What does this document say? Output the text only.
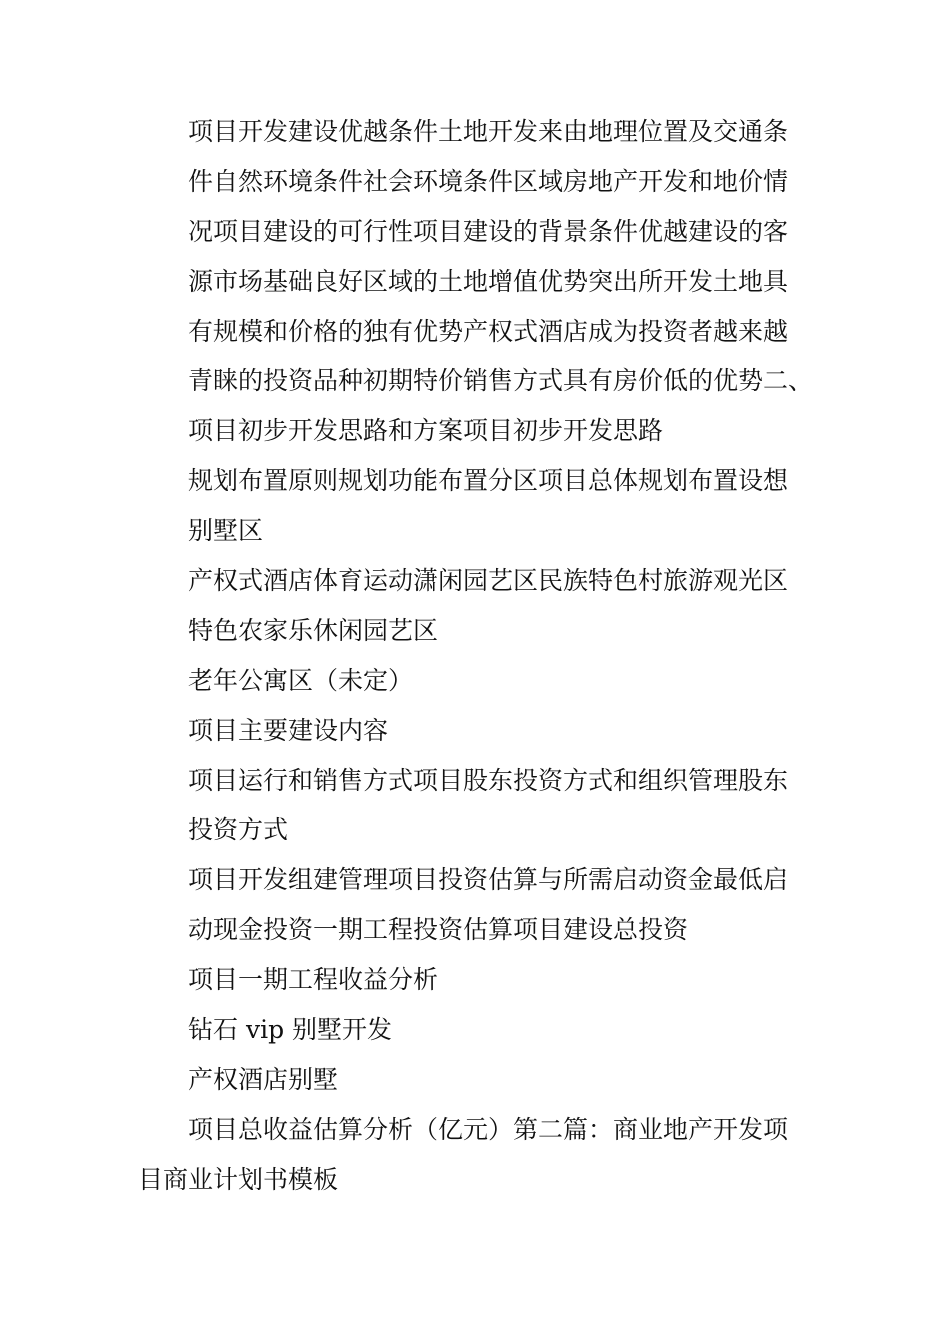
项目开发建设优越条件土地开发来由地理位置及交通条
件自然环境条件社会环境条件区域房地产开发和地价情
况项目建设的可行性项目建设的背景条件优越建设的客
源市场基础良好区域的土地增值优势突出所开发土地具
有规模和价格的独有优势产权式酒店成为投资者越来越
青睐的投资品种初期特价销售方式具有房价低的优势二、
项目初步开发思路和方案项目初步开发思路
规划布置原则规划功能布置分区项目总体规划布置设想
别墅区
产权式酒店体育运动潇闲园艺区民族特色村旅游观光区
特色农家乐休闲园艺区
老年公寓区（未定）
项目主要建设内容
项目运行和销售方式项目股东投资方式和组织管理股东
投资方式
项目开发组建管理项目投资估算与所需启动资金最低启
动现金投资一期工程投资估算项目建设总投资
项目一期工程收益分析
钻石 vip 别墅开发
产权酒店别墅
项目总收益估算分析（亿元）第二篇：商业地产开发项
目商业计划书模板
